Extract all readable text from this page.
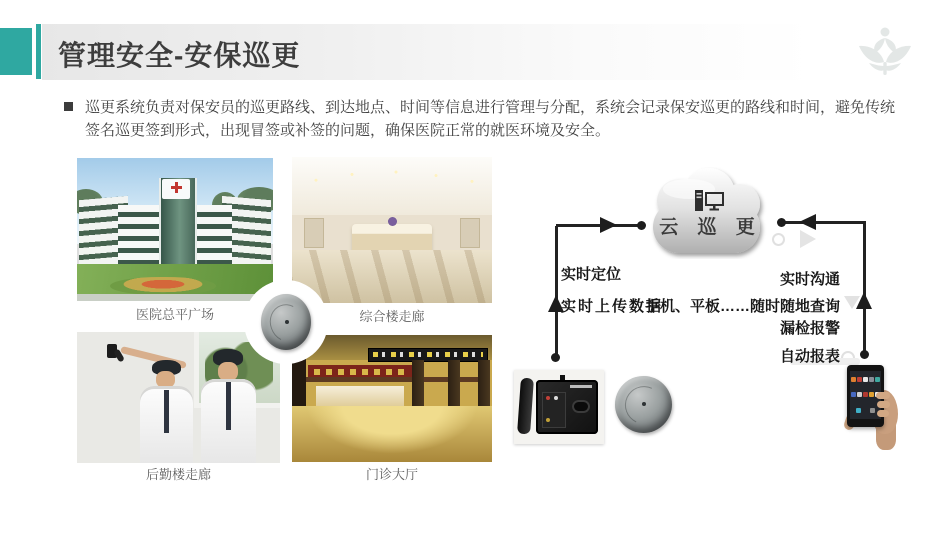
管理安全-安保巡更
巡更系统负责对保安员的巡更路线、到达地点、时间等信息进行管理与分配，系统会记录保安巡更的路线和时间，避免传统签名巡更签到形式，出现冒签或补签的问题，确保医院正常的就医环境及安全。
医院总平广场	综合楼走廊
后勤楼走廊	门诊大厅
云 巡 更
实时定位
实时上传数据
实时沟通
手机、平板……随时随地查询
漏检报警
自动报表
